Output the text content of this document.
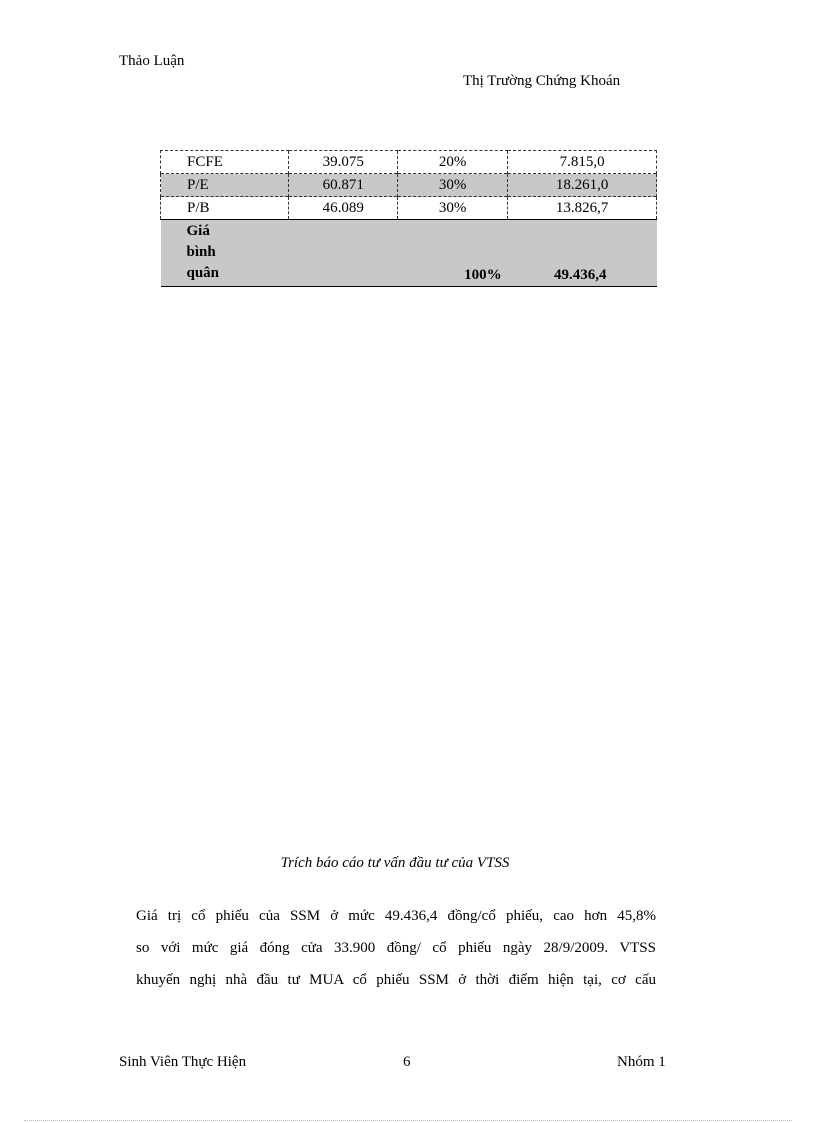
Thảo Luận
Thị Trường Chứng Khoán
FCFE	39.075	20%	7.815,0
P/E	60.871	30%	18.261,0
P/B	46.089	30%	13.826,7

Giá
bình
quân		100%	49.436,4
Trích báo cáo tư vấn đầu tư của VTSS
Giá trị cổ phiếu của SSM ở mức 49.436,4 đồng/cổ phiếu, cao hơn 45,8%
so với mức giá đóng cửa 33.900 đồng/ cổ phiếu ngày 28/9/2009. VTSS
khuyến nghị nhà đầu tư MUA cổ phiếu SSM ở thời điểm hiện tại, cơ cấu
Sinh Viên Thực Hiện	6	Nhóm 1
